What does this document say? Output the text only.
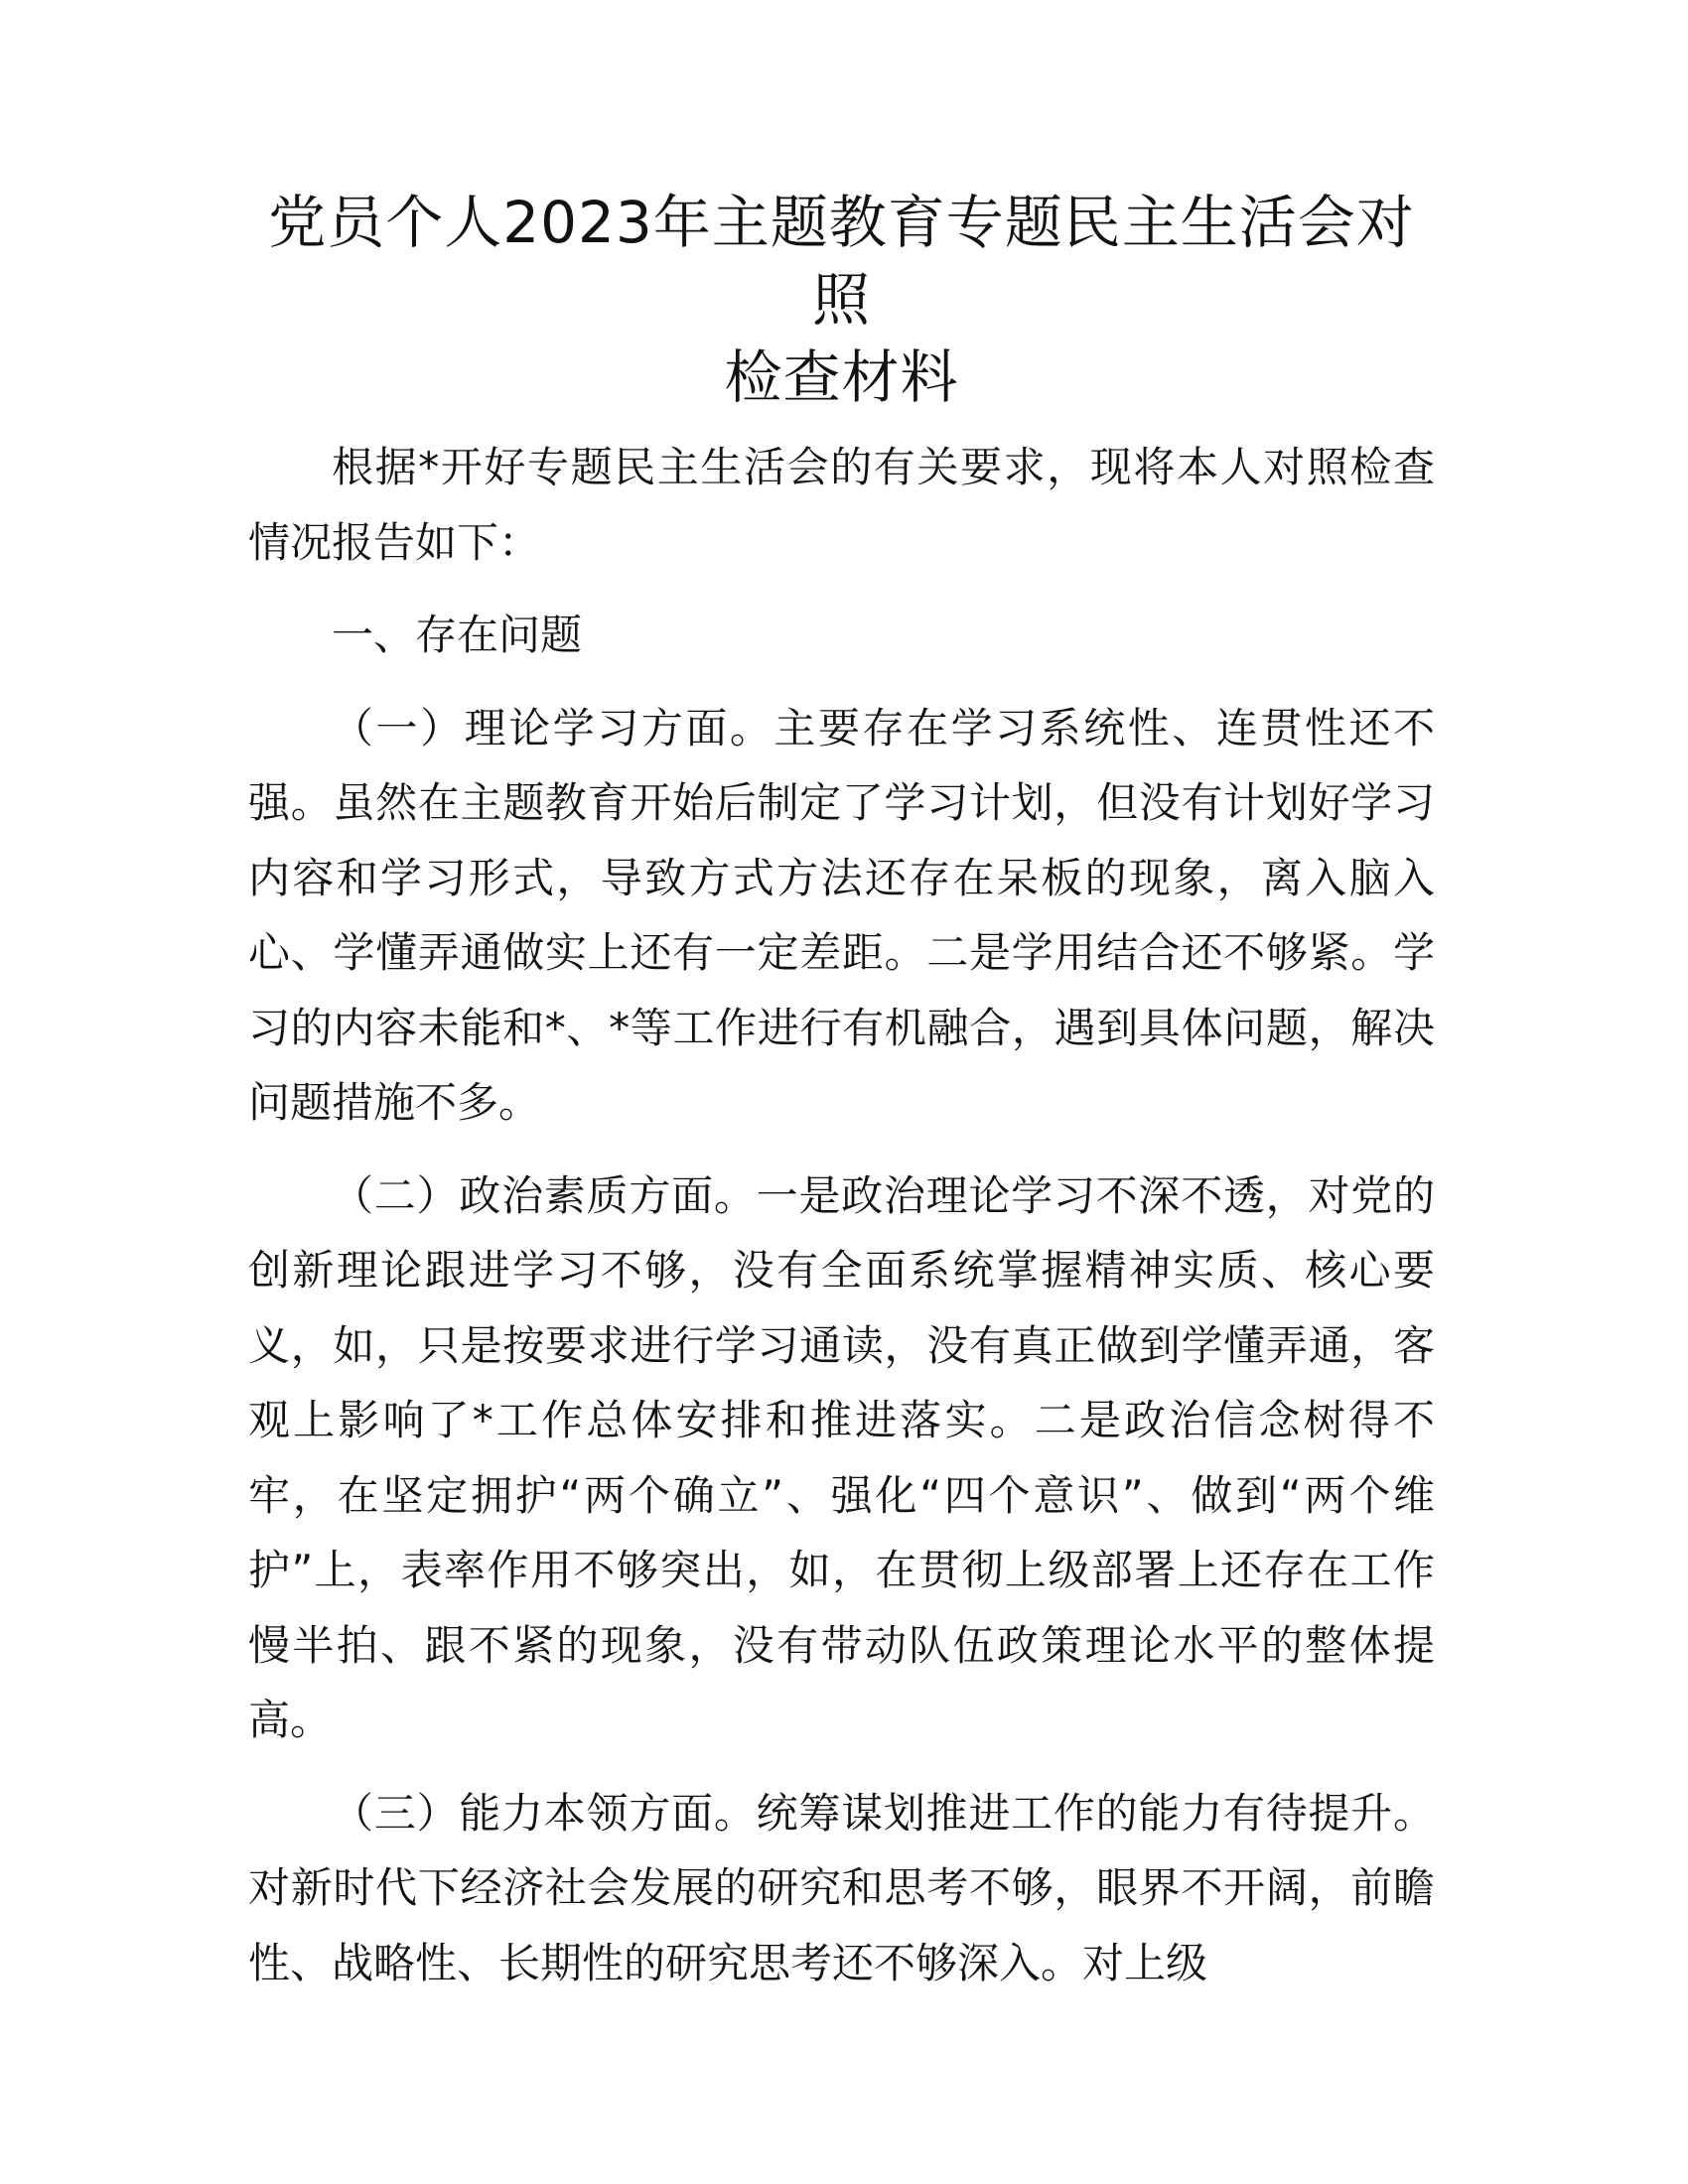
党员个人2023年主题教育专题民主生活会对照
检查材料

根据*开好专题民主生活会的有关要求，现将本人对照检查情况报告如下：

一、存在问题

（一）理论学习方面。主要存在学习系统性、连贯性还不强。虽然在主题教育开始后制定了学习计划，但没有计划好学习内容和学习形式，导致方式方法还存在呆板的现象，离入脑入心、学懂弄通做实上还有一定差距。二是学用结合还不够紧。学习的内容未能和*、*等工作进行有机融合，遇到具体问题，解决问题措施不多。

（二）政治素质方面。一是政治理论学习不深不透，对党的创新理论跟进学习不够，没有全面系统掌握精神实质、核心要义，如，只是按要求进行学习通读，没有真正做到学懂弄通，客观上影响了*工作总体安排和推进落实。二是政治信念树得不牢，在坚定拥护“两个确立”、强化“四个意识”、做到“两个维护”上，表率作用不够突出，如，在贯彻上级部署上还存在工作慢半拍、跟不紧的现象，没有带动队伍政策理论水平的整体提高。

（三）能力本领方面。统筹谋划推进工作的能力有待提升。对新时代下经济社会发展的研究和思考不够，眼界不开阔，前瞻性、战略性、长期性的研究思考还不够深入。对上级
